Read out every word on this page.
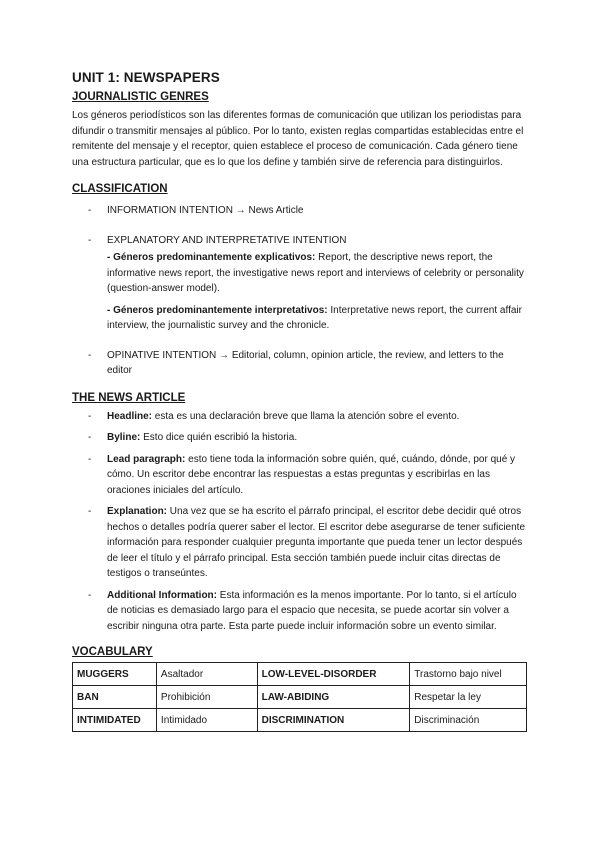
UNIT 1: NEWSPAPERS
JOURNALISTIC GENRES

Los géneros periodísticos son las diferentes formas de comunicación que utilizan los periodistas para difundir o transmitir mensajes al público. Por lo tanto, existen reglas compartidas establecidas entre el remitente del mensaje y el receptor, quien establece el proceso de comunicación. Cada género tiene una estructura particular, que es lo que los define y también sirve de referencia para distinguirlos.

CLASSIFICATION
- INFORMATION INTENTION → News Article
- EXPLANATORY AND INTERPRETATIVE INTENTION

- Géneros predominantemente explicativos: Report, the descriptive news report, the informative news report, the investigative news report and interviews of celebrity or personality (question-answer model).

- Géneros predominantemente interpretativos: Interpretative news report, the current affair interview, the journalistic survey and the chronicle.

- OPINATIVE INTENTION → Editorial, column, opinion article, the review, and letters to the editor
THE NEWS ARTICLE
- Headline: esta es una declaración breve que llama la atención sobre el evento.
- Byline: Esto dice quién escribió la historia.
- Lead paragraph: esto tiene toda la información sobre quién, qué, cuándo, dónde, por qué y cómo. Un escritor debe encontrar las respuestas a estas preguntas y escribirlas en las oraciones iniciales del artículo.
- Explanation: Una vez que se ha escrito el párrafo principal, el escritor debe decidir qué otros hechos o detalles podría querer saber el lector. El escritor debe asegurarse de tener suficiente información para responder cualquier pregunta importante que pueda tener un lector después de leer el título y el párrafo principal. Esta sección también puede incluir citas directas de testigos o transeúntes.
- Additional Information: Esta información es la menos importante. Por lo tanto, si el artículo de noticias es demasiado largo para el espacio que necesita, se puede acortar sin volver a escribir ninguna otra parte. Esta parte puede incluir información sobre un evento similar.
VOCABULARY
MUGGERS	Asaltador	LOW-LEVEL-DISORDER	Trastorno bajo nivel
BAN	Prohibición	LAW-ABIDING	Respetar la ley
INTIMIDATED	Intimidado	DISCRIMINATION	Discriminación
